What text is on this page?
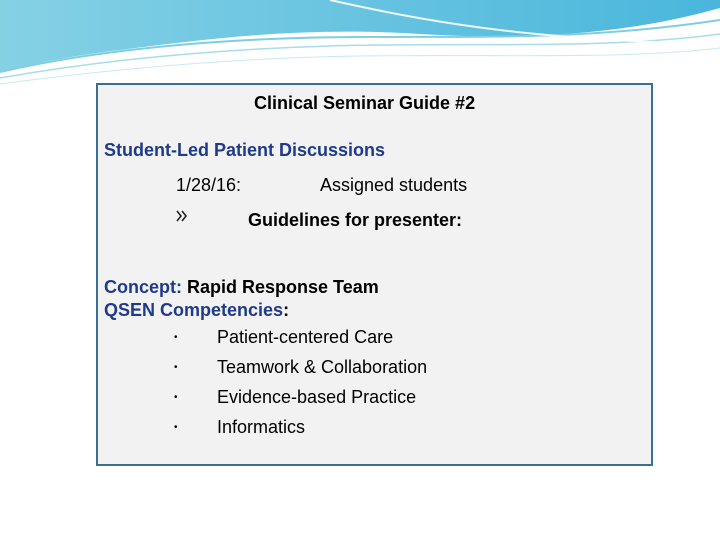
Clinical Seminar Guide #2
Student-Led Patient Discussions
1/28/16:	Assigned students
Guidelines for presenter:
Concept: Rapid Response Team
QSEN Competencies:
• Patient-centered Care
• Teamwork & Collaboration
• Evidence-based Practice
• Informatics
